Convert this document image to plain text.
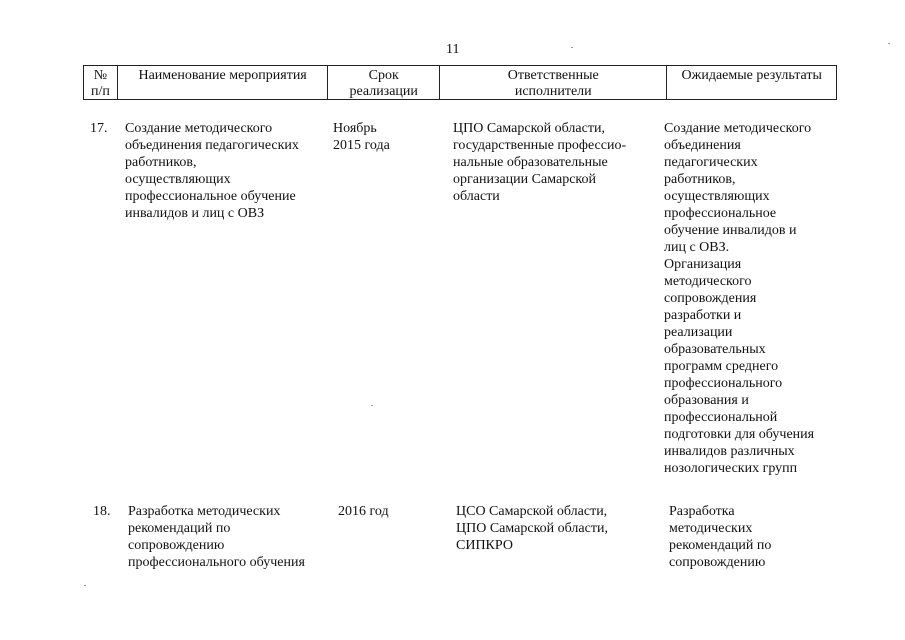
11
№
п/п
Наименование мероприятия	Срок
реализации
Ответственные
исполнители
Ожидаемые результаты
17. Создание методического
объединения педагогических
работников,
осуществляющих
профессиональное обучение
инвалидов и лиц с ОВЗ
Ноябрь
2015 года
ЦПО Самарской области,
государственные профессио-
нальные образовательные
организации Самарской
области
Создание методического
объединения
педагогических
работников,
осуществляющих
профессиональное
обучение инвалидов и
лиц с ОВЗ.
Организация
методического
сопровождения
разработки и
реализации
образовательных
программ среднего
профессионального
образования и
профессиональной
подготовки для обучения
инвалидов различных
нозологических групп
18. Разработка методических
рекомендаций по
сопровождению
профессионального обучения
2016 год	ЦСО Самарской области,
ЦПО Самарской области,
СИПКРО
Разработка
методических
рекомендаций по
сопровождению
